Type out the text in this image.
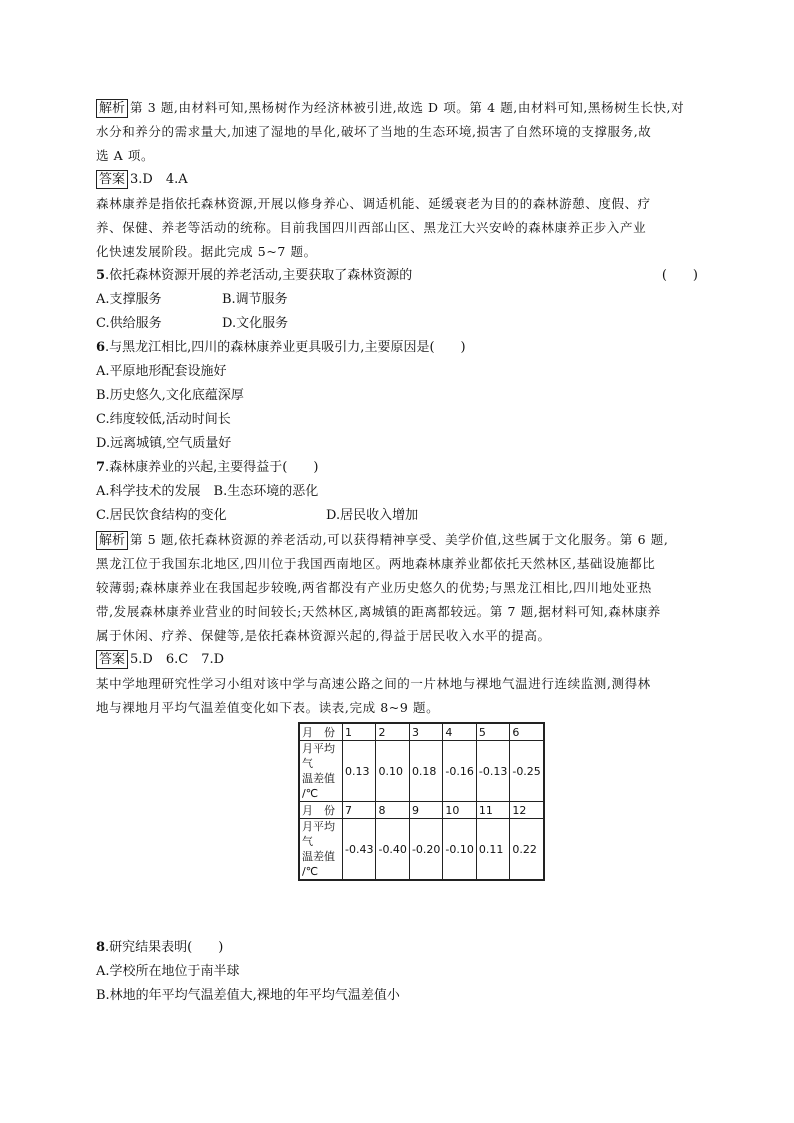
解析 第 3 题,由材料可知,黑杨树作为经济林被引进,故选 D 项。第 4 题,由材料可知,黑杨树生长快,对
水分和养分的需求量大,加速了湿地的旱化,破坏了当地的生态环境,损害了自然环境的支撑服务,故
选 A 项。
答案 3.D　4.A
森林康养是指依托森林资源,开展以修身养心、调适机能、延缓衰老为目的的森林游憩、度假、疗
养、保健、养老等活动的统称。目前我国四川西部山区、黑龙江大兴安岭的森林康养正步入产业
化快速发展阶段。据此完成 5~7 题。
5.依托森林资源开展的养老活动,主要获取了森林资源的	(　　)
A.支撑服务	B.调节服务
C.供给服务	D.文化服务
6.与黑龙江相比,四川的森林康养业更具吸引力,主要原因是(　　)
A.平原地形配套设施好
B.历史悠久,文化底蕴深厚
C.纬度较低,活动时间长
D.远离城镇,空气质量好
7.森林康养业的兴起,主要得益于(　　)
A.科学技术的发展　B.生态环境的恶化
C.居民饮食结构的变化	D.居民收入增加
解析 第 5 题,依托森林资源的养老活动,可以获得精神享受、美学价值,这些属于文化服务。第 6 题,
黑龙江位于我国东北地区,四川位于我国西南地区。两地森林康养业都依托天然林区,基础设施都比
较薄弱;森林康养业在我国起步较晚,两省都没有产业历史悠久的优势;与黑龙江相比,四川地处亚热
带,发展森林康养业营业的时间较长;天然林区,离城镇的距离都较远。第 7 题,据材料可知,森林康养
属于休闲、疗养、保健等,是依托森林资源兴起的,得益于居民收入水平的提高。
答案 5.D　6.C　7.D
某中学地理研究性学习小组对该中学与高速公路之间的一片林地与裸地气温进行连续监测,测得林
地与裸地月平均气温差值变化如下表。读表,完成 8~9 题。
月　份	1	2	3	4	5	6

月平均
气
温差值
/℃	0.13	0.10	0.18	-0.16	-0.13	-0.25
月　份	7	8	9	10	11	12

月平均
气
温差值
/℃	-0.43	-0.40	-0.20	-0.10	0.11	0.22
8.研究结果表明(　　)
A.学校所在地位于南半球
B.林地的年平均气温差值大,裸地的年平均气温差值小
